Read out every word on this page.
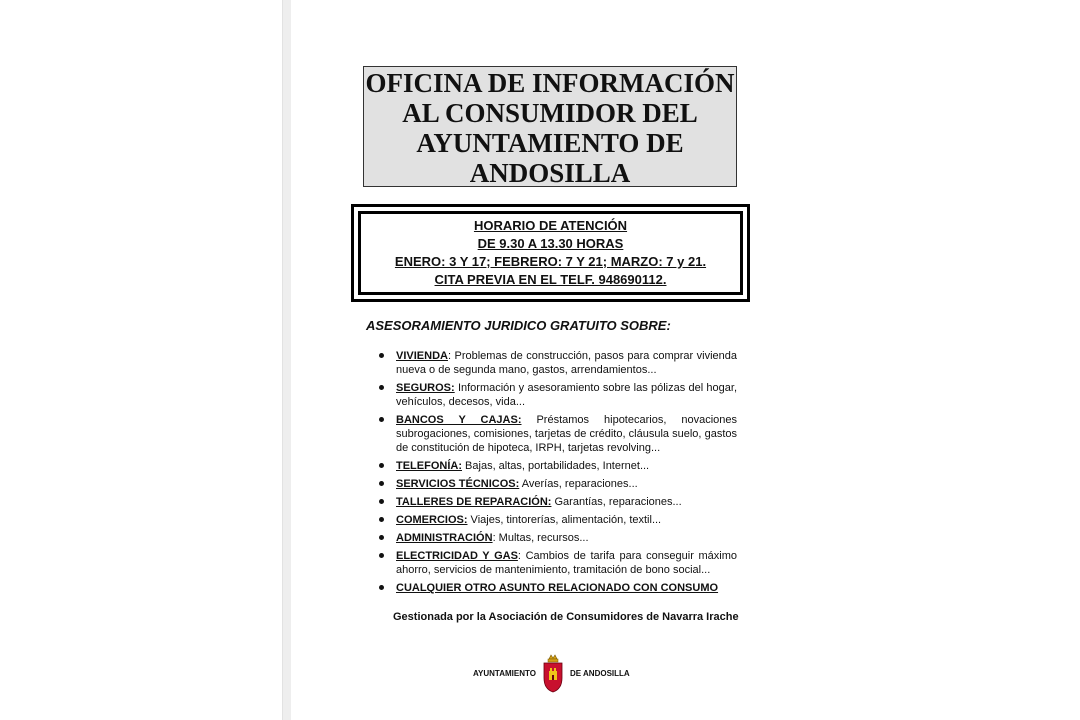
OFICINA DE INFORMACIÓN
AL CONSUMIDOR DEL
AYUNTAMIENTO DE
ANDOSILLA
HORARIO DE ATENCIÓN
DE 9.30 A 13.30 HORAS
ENERO: 3 Y 17; FEBRERO: 7 Y 21; MARZO: 7 y 21.
CITA PREVIA EN EL TELF. 948690112.
ASESORAMIENTO JURIDICO GRATUITO SOBRE:
VIVIENDA: Problemas de construcción, pasos para comprar vivienda nueva o de segunda mano, gastos, arrendamientos...
SEGUROS: Información y asesoramiento sobre las pólizas del hogar, vehículos, decesos, vida...
BANCOS Y CAJAS: Préstamos hipotecarios, novaciones subrogaciones, comisiones, tarjetas de crédito, cláusula suelo, gastos de constitución de hipoteca, IRPH, tarjetas revolving...
TELEFONÍA: Bajas, altas, portabilidades, Internet...
SERVICIOS TÉCNICOS: Averías, reparaciones...
TALLERES DE REPARACIÓN: Garantías, reparaciones...
COMERCIOS: Viajes, tintorerías, alimentación, textil...
ADMINISTRACIÓN: Multas, recursos...
ELECTRICIDAD Y GAS: Cambios de tarifa para conseguir máximo ahorro, servicios de mantenimiento, tramitación de bono social...
CUALQUIER OTRO ASUNTO RELACIONADO CON CONSUMO
Gestionada por la Asociación de Consumidores de Navarra Irache
AYUNTAMIENTO	DE ANDOSILLA
